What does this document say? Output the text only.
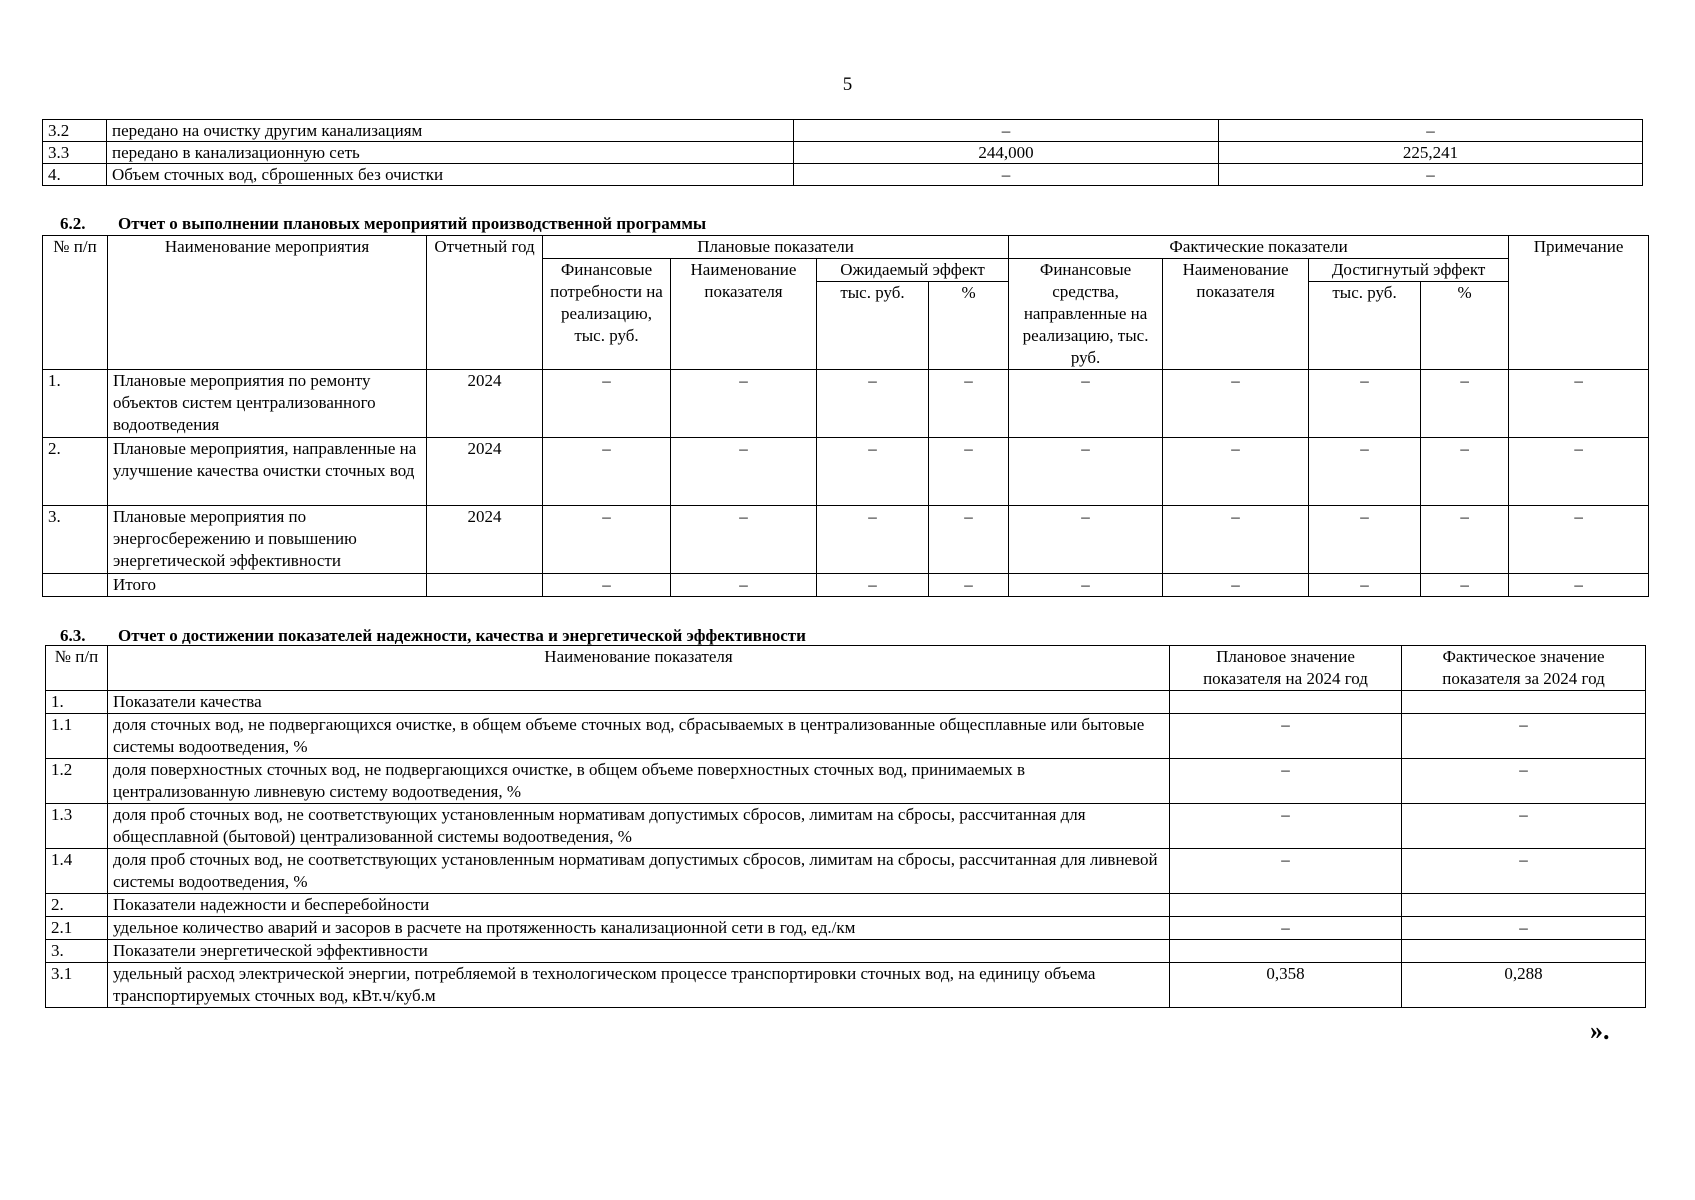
5
3.2	передано на очистку другим канализациям	–	–
3.3	передано в канализационную сеть	244,000	225,241
4.	Объем сточных вод, сброшенных без очистки	–	–
6.2. Отчет о выполнении плановых мероприятий производственной программы
№ п/п	Наименование мероприятия	Отчетный год	Плановые показатели				Фактические показатели				Примечание
			Финансовые потребности на реализацию, тыс. руб.	Наименование показателя	Ожидаемый эффект		Финансовые средства, направленные на реализацию, тыс. руб.	Наименование показателя	Достигнутый эффект		
					тыс. руб.	%			тыс. руб.	%	
1.	Плановые мероприятия по ремонту объектов систем централизованного водоотведения	2024	–	–	–	–	–	–	–	–	–
2.	Плановые мероприятия, направленные на улучшение качества очистки сточных вод	2024	–	–	–	–	–	–	–	–	–
3.	Плановые мероприятия по энергосбережению и повышению энергетической эффективности	2024	–	–	–	–	–	–	–	–	–
	Итого		–	–	–	–	–	–	–	–	–
6.3. Отчет о достижении показателей надежности, качества и энергетической эффективности
№ п/п	Наименование показателя	Плановое значение показателя на 2024 год	Фактическое значение показателя за 2024 год
1.	Показатели качества		
1.1	доля сточных вод, не подвергающихся очистке, в общем объеме сточных вод, сбрасываемых в централизованные общесплавные или бытовые системы водоотведения, %	–	–
1.2	доля поверхностных сточных вод, не подвергающихся очистке, в общем объеме поверхностных сточных вод, принимаемых в централизованную ливневую систему водоотведения, %	–	–
1.3	доля проб сточных вод, не соответствующих установленным нормативам допустимых сбросов, лимитам на сбросы, рассчитанная для общесплавной (бытовой) централизованной системы водоотведения, %	–	–
1.4	доля проб сточных вод, не соответствующих установленным нормативам допустимых сбросов, лимитам на сбросы, рассчитанная для ливневой системы водоотведения, %	–	–
2.	Показатели надежности и бесперебойности		
2.1	удельное количество аварий и засоров в расчете на протяженность канализационной сети в год, ед./км	–	–
3.	Показатели энергетической эффективности		
3.1	удельный расход электрической энергии, потребляемой в технологическом процессе транспортировки сточных вод, на единицу объема транспортируемых сточных вод, кВт.ч/куб.м	0,358	0,288
».
